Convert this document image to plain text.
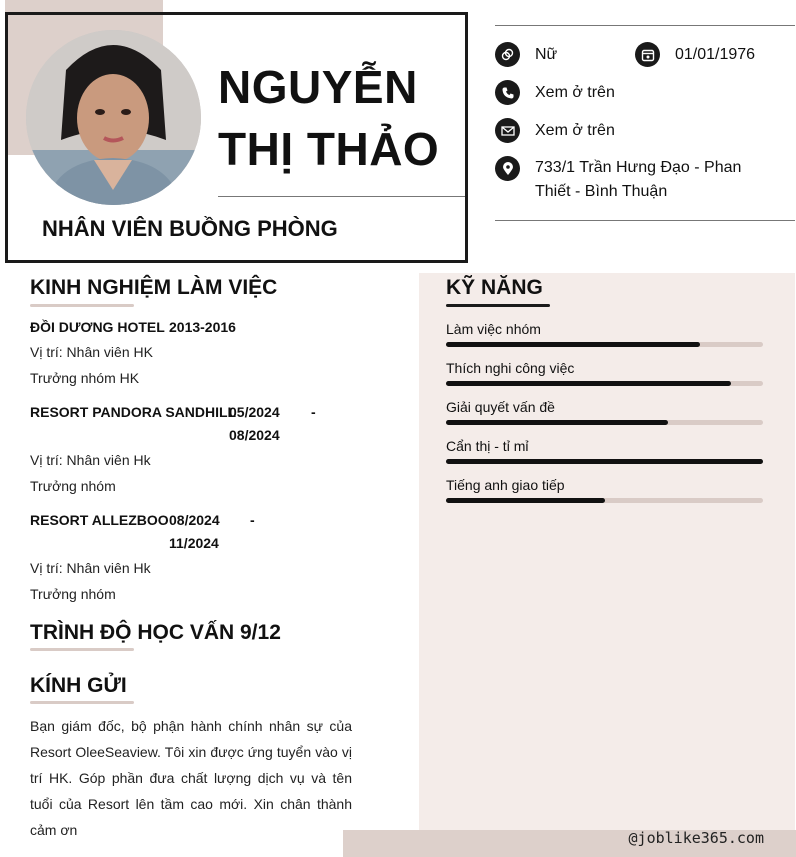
NGUYỄN
THỊ THẢO
NHÂN VIÊN BUỒNG PHÒNG
Nữ	01/01/1976
Xem ở trên
Xem ở trên
733/1 Trần Hưng Đạo - Phan
Thiết - Bình Thuận
KINH NGHIỆM LÀM VIỆC
ĐỒI DƯƠNG HOTEL 2013-2016
Vị trí: Nhân viên HK
Trưởng nhóm HK
RESORT PANDORA SANDHILL
05/2024 -
08/2024
Vị trí: Nhân viên Hk
Trưởng nhóm
RESORT ALLEZBOO 08/2024 -
11/2024
Vị trí: Nhân viên Hk
Trưởng nhóm
TRÌNH ĐỘ HỌC VẤN 9/12
KÍNH GỬI
Bạn giám đốc, bộ phận hành chính nhân sự của Resort OleeSeaview. Tôi xin được ứng tuyển vào vị trí HK. Góp phần đưa chất lượng dịch vụ và tên tuổi của Resort lên tầm cao mới. Xin chân thành cảm ơn
KỸ NĂNG
Làm việc nhóm
Thích nghi công việc
Giải quyết vấn đề
Cẩn thị - tỉ mỉ
Tiếng anh giao tiếp
@joblike365.com
